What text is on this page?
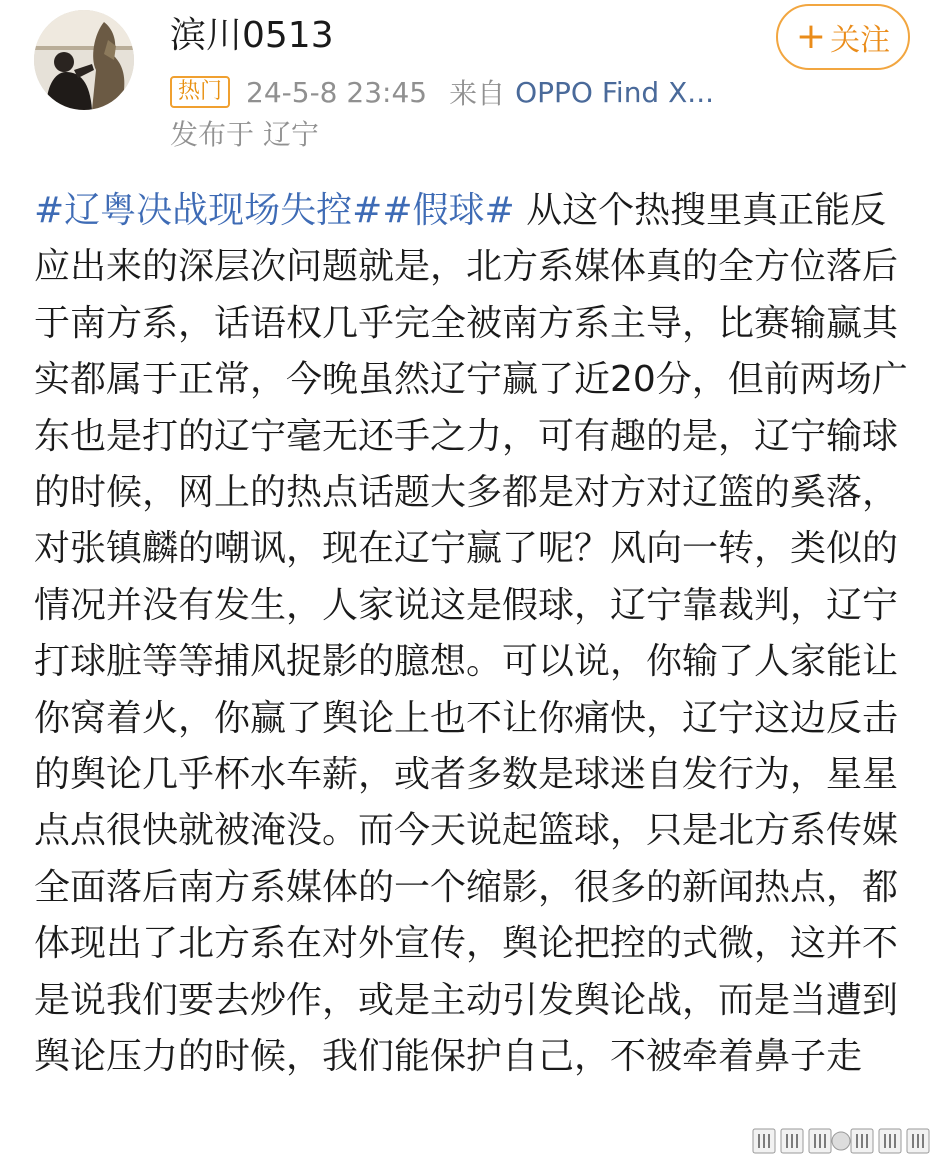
滨川0513
热门 24-5-8 23:45 来自 OPPO Find X...
发布于 辽宁
+ 关注
#辽粤决战现场失控##假球# 从这个热搜里真正能反应出来的深层次问题就是，北方系媒体真的全方位落后于南方系，话语权几乎完全被南方系主导，比赛输赢其实都属于正常，今晚虽然辽宁赢了近20分，但前两场广东也是打的辽宁毫无还手之力，可有趣的是，辽宁输球的时候，网上的热点话题大多都是对方对辽篮的奚落，对张镇麟的嘲讽，现在辽宁赢了呢？风向一转，类似的情况并没有发生，人家说这是假球，辽宁靠裁判，辽宁打球脏等等捕风捉影的臆想。可以说，你输了人家能让你窝着火，你赢了舆论上也不让你痛快，辽宁这边反击的舆论几乎杯水车薪，或者多数是球迷自发行为，星星点点很快就被淹没。而今天说起篮球，只是北方系传媒全面落后南方系媒体的一个缩影，很多的新闻热点，都体现出了北方系在对外宣传，舆论把控的式微，这并不是说我们要去炒作，或是主动引发舆论战，而是当遭到舆论压力的时候，我们能保护自己，不被牵着鼻子走
